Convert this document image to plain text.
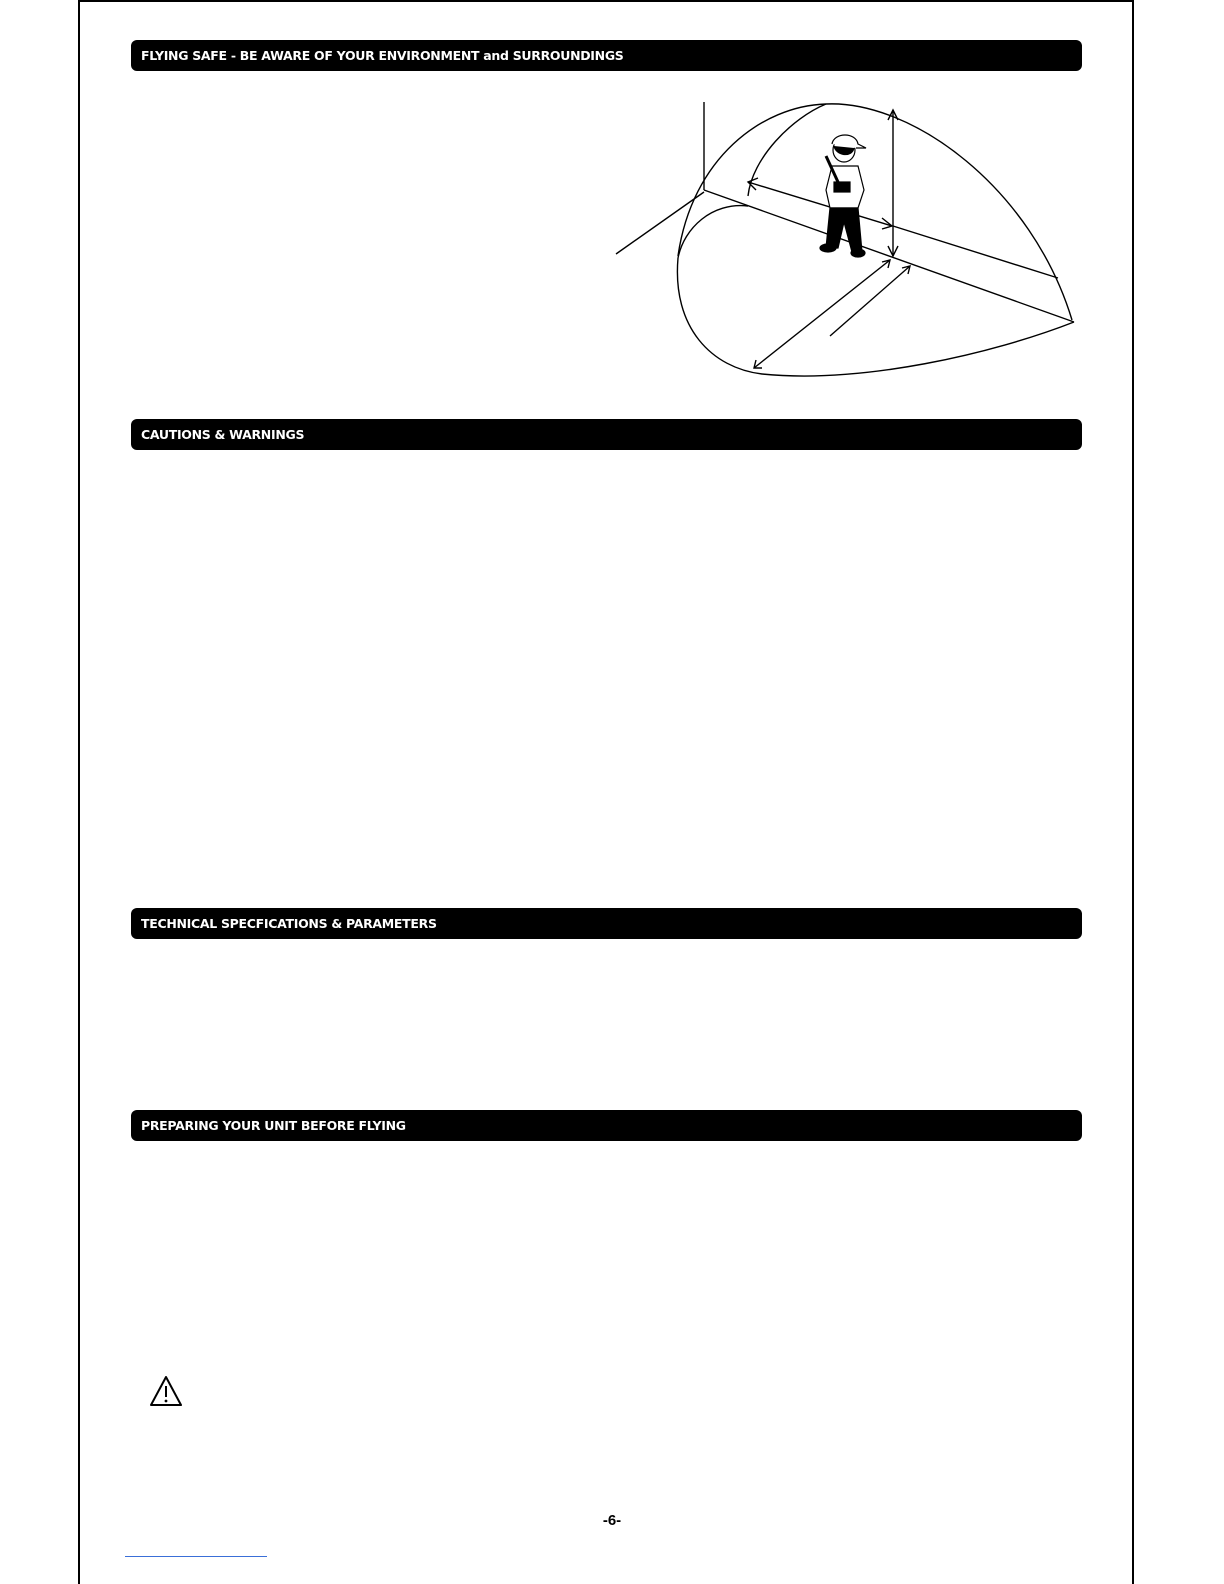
FLYING SAFE - BE AWARE OF YOUR ENVIRONMENT and SURROUNDINGS
CAUTIONS & WARNINGS
TECHNICAL SPECFICATIONS & PARAMETERS
PREPARING YOUR UNIT BEFORE FLYING
-6-
